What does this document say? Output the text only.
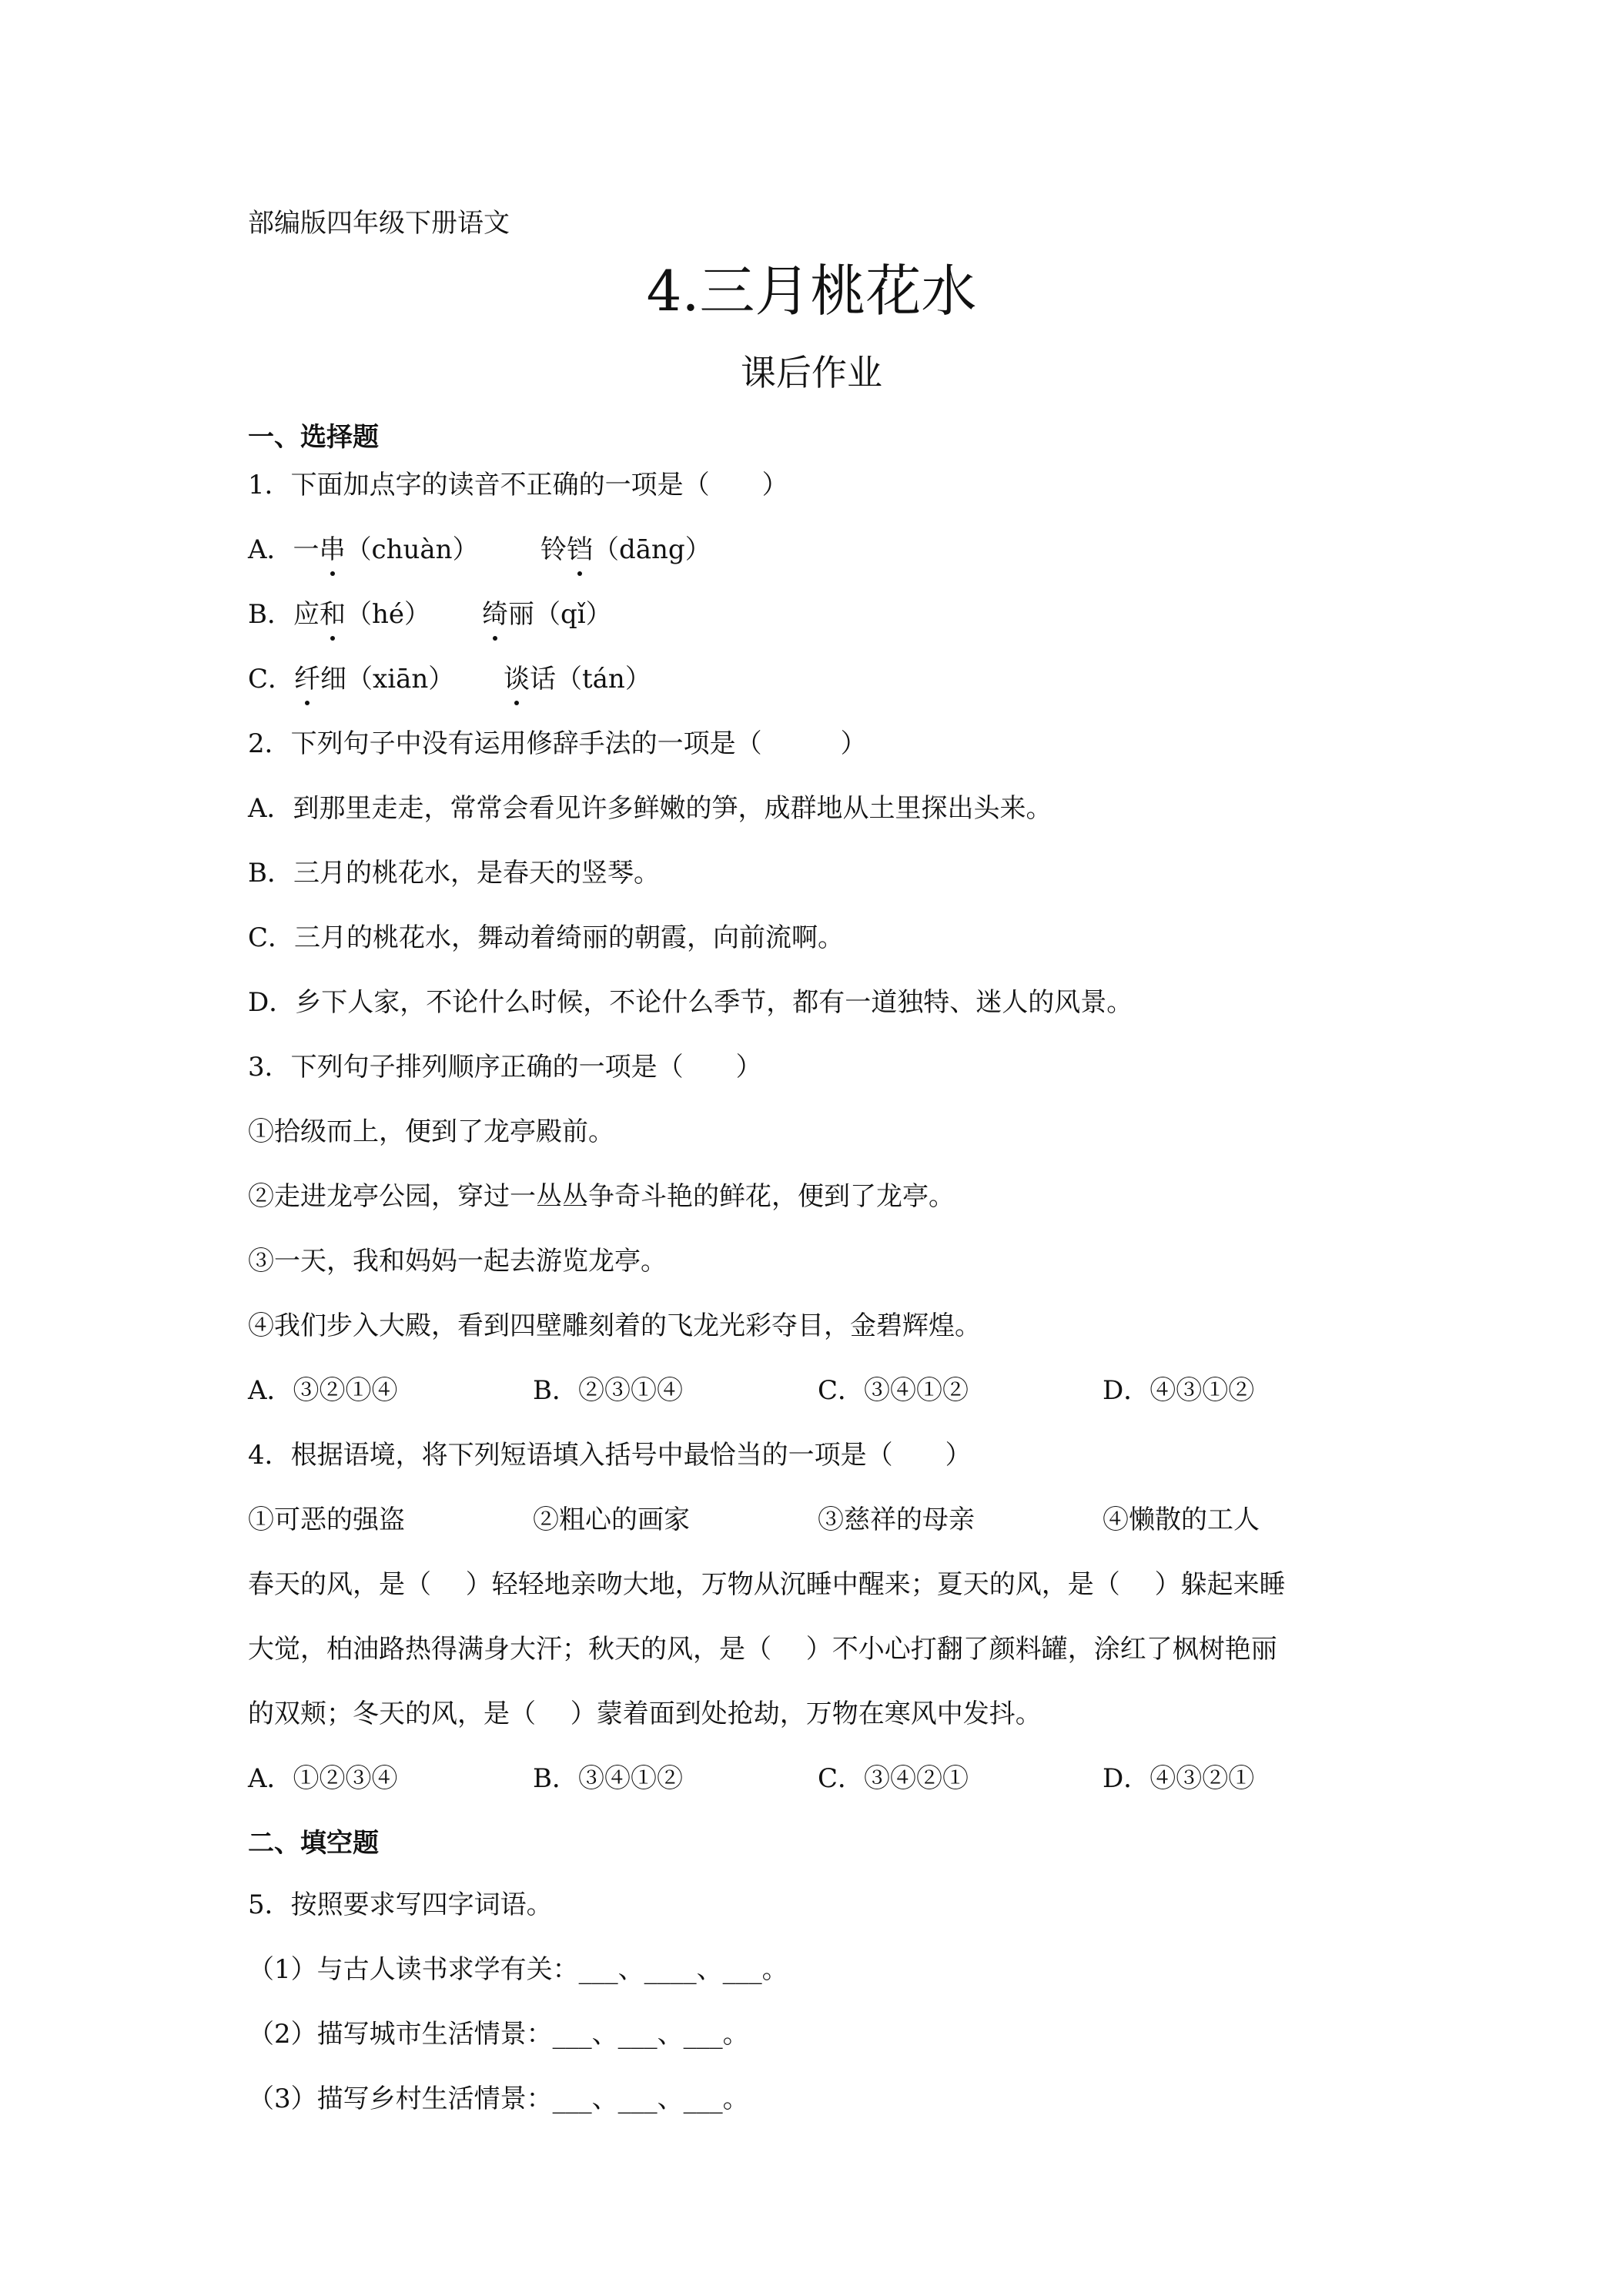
部编版四年级下册语文
4.三月桃花水
课后作业
一、选择题
1．下面加点字的读音不正确的一项是（　　）
A．一串（chuàn） 铃铛（dāng）
B．应和（hé） 绮丽（qǐ）
C．纤细（xiān） 谈话（tán）
2．下列句子中没有运用修辞手法的一项是（　　　）
A．到那里走走，常常会看见许多鲜嫩的笋，成群地从土里探出头来。
B．三月的桃花水，是春天的竖琴。
C．三月的桃花水，舞动着绮丽的朝霞，向前流啊。
D．乡下人家，不论什么时候，不论什么季节，都有一道独特、迷人的风景。
3．下列句子排列顺序正确的一项是（　　）
①拾级而上，便到了龙亭殿前。
②走进龙亭公园，穿过一丛丛争奇斗艳的鲜花，便到了龙亭。
③一天，我和妈妈一起去游览龙亭。
④我们步入大殿，看到四壁雕刻着的飞龙光彩夺目，金碧辉煌。
A．③②①④	B．②③①④	C．③④①②	D．④③①②
4．根据语境，将下列短语填入括号中最恰当的一项是（　　）
①可恶的强盗	②粗心的画家	③慈祥的母亲	④懒散的工人
春天的风，是（　 ）轻轻地亲吻大地，万物从沉睡中醒来；夏天的风，是（　 ）躲起来睡
大觉，柏油路热得满身大汗；秋天的风，是（　 ）不小心打翻了颜料罐，涂红了枫树艳丽
的双颊；冬天的风，是（　 ）蒙着面到处抢劫，万物在寒风中发抖。
A．①②③④	B．③④①②	C．③④②①	D．④③②①
二、填空题
5．按照要求写四字词语。
（1）与古人读书求学有关：___、____、___。
（2）描写城市生活情景：___、___、___。
（3）描写乡村生活情景：___、___、___。
